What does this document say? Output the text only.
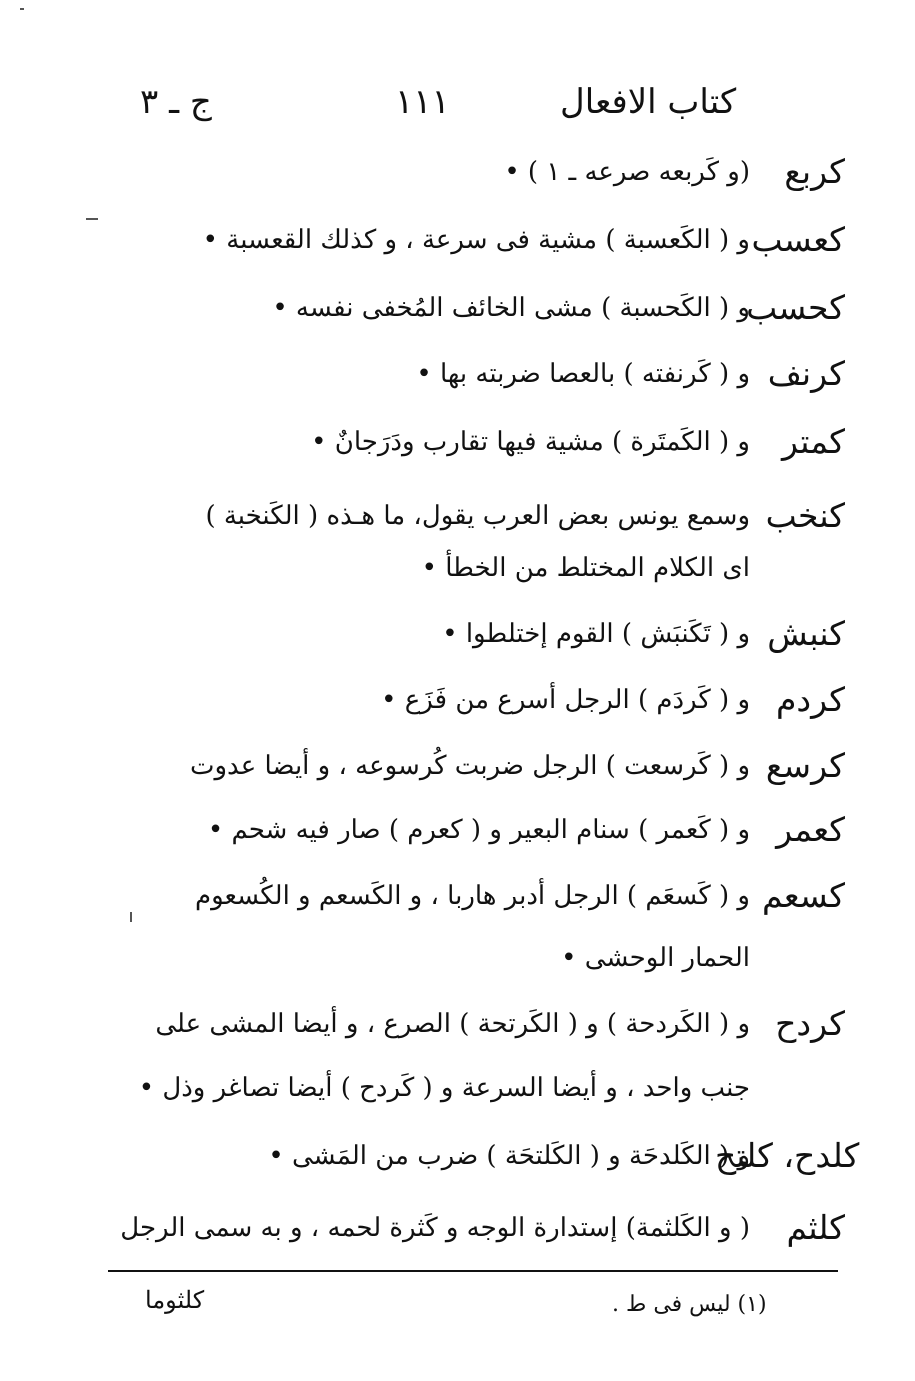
كتاب الافعال
١١١
ج ـ ٣
كربع
(و كَربعه صرعه ـ ١ ) •
كعسب
و ( الكَعسبة ) مشية فى سرعة ، و كذلك القعسبة •
كحسب
و ( الكَحسبة ) مشى الخائف المُخفى نفسه •
كرنف
و ( كَرنفته ) بالعصا ضربته بها •
كمتر
و ( الكَمتَرة ) مشية فيها تقارب ودَرَجانٌ •
كنخب
وسمع يونس بعض العرب يقول، ما هـذه ( الكَنخبة )
اى الكلام المختلط من الخطأ •
كنبش
و ( تَكَنبَش ) القوم إختلطوا •
كردم
و ( كَردَم ) الرجل أسرع من فَزَع •
كرسع
و ( كَرسعت ) الرجل ضربت كُرسوعه ، و أيضا عدوت
كعمر
و ( كَعمر ) سنام البعير و ( كعرم ) صار فيه شحم •
كسعم
و ( كَسعَم ) الرجل أدبر هاربا ، و الكَسعم و الكُسعوم
الحمار الوحشى •
كردح
و ( الكَردحة ) و ( الكَرتحة ) الصرع ، و أيضا المشى على
جنب واحد ، و أيضا السرعة و ( كَردح ) أيضا تصاغر وذل •
كلدح، كلتح
و ( الكَلدحَة و ( الكَلتحَة ) ضرب من المَشى •
كلثم
( و الكَلثمة) إستدارة الوجه و كَثرة لحمه ، و به سمى الرجل
(١) ليس فى ط .
كلثوما
